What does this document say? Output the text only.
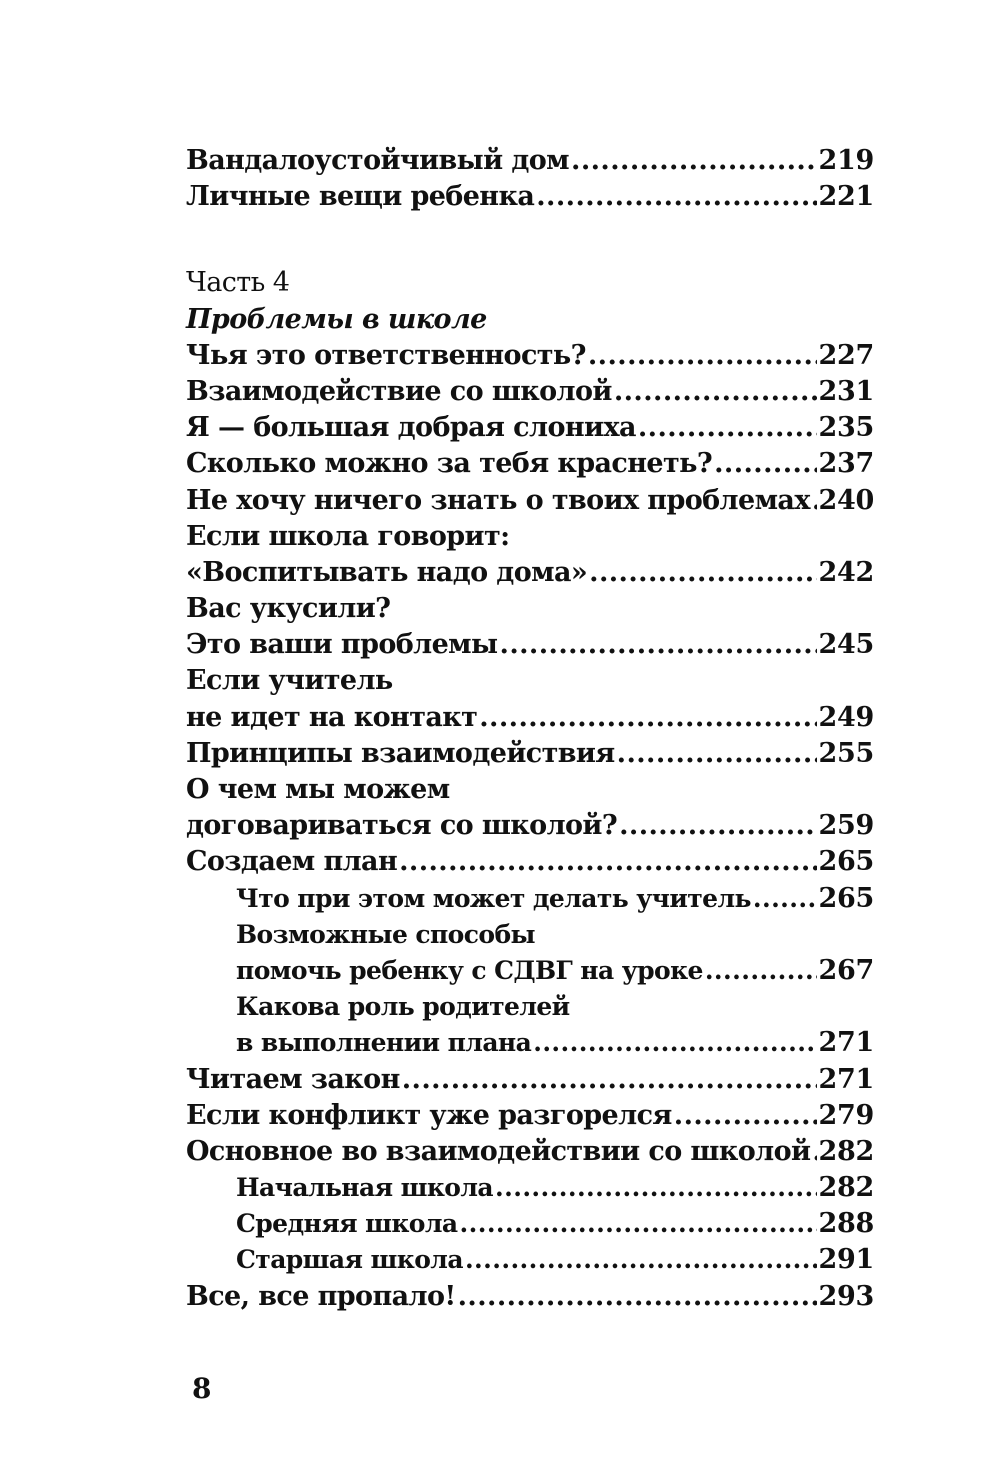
Вандалоустойчивый дом .....	219
Личные вещи ребенка .....	221
Часть 4
Проблемы в школе
Чья это ответственность? .....	227
Взаимодействие со школой .....	231
Я — большая добрая слониха .....	235
Сколько можно за тебя краснеть? .....	237
Не хочу ничего знать о твоих проблемах ..... 240
Если школа говорит:
«Воспитывать надо дома» .....	242
Вас укусили?
Это ваши проблемы .....	245
Если учитель
не идет на контакт .....	249
Принципы взаимодействия .....	255
О чем мы можем
договариваться со школой? .....	259
Создаем план .....	265
Что при этом может делать учитель .....	265
Возможные способы
помочь ребенку с СДВГ на уроке .....	267
Какова роль родителей
в выполнении плана .....	271
Читаем закон .....	271
Если конфликт уже разгорелся .....	279
Основное во взаимодействии со школой ..... 282
Начальная школа .....	282
Средняя школа .....	288
Старшая школа .....	291
Все, все пропало! .....	293
8
